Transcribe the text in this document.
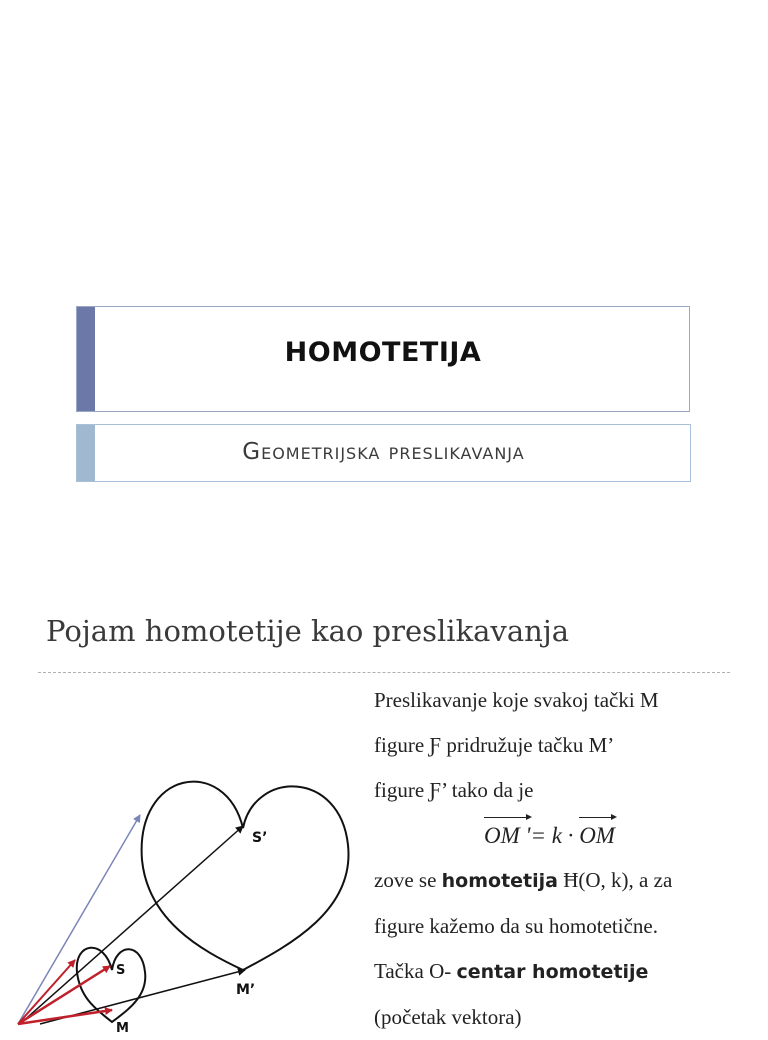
HOMOTETIJA
Geometrijska preslikavanja
Pojam homotetije kao preslikavanja
Preslikavanje koje svakoj tački M
figure Ƒ pridružuje tačku M’
figure Ƒ’ tako da je
OM '= k · OM
zove se homotetija Ħ(O, k), a za
figure kažemo da su homotetične.
Tačka O- centar homotetije
(početak vektora)
S’
M’
S
M
